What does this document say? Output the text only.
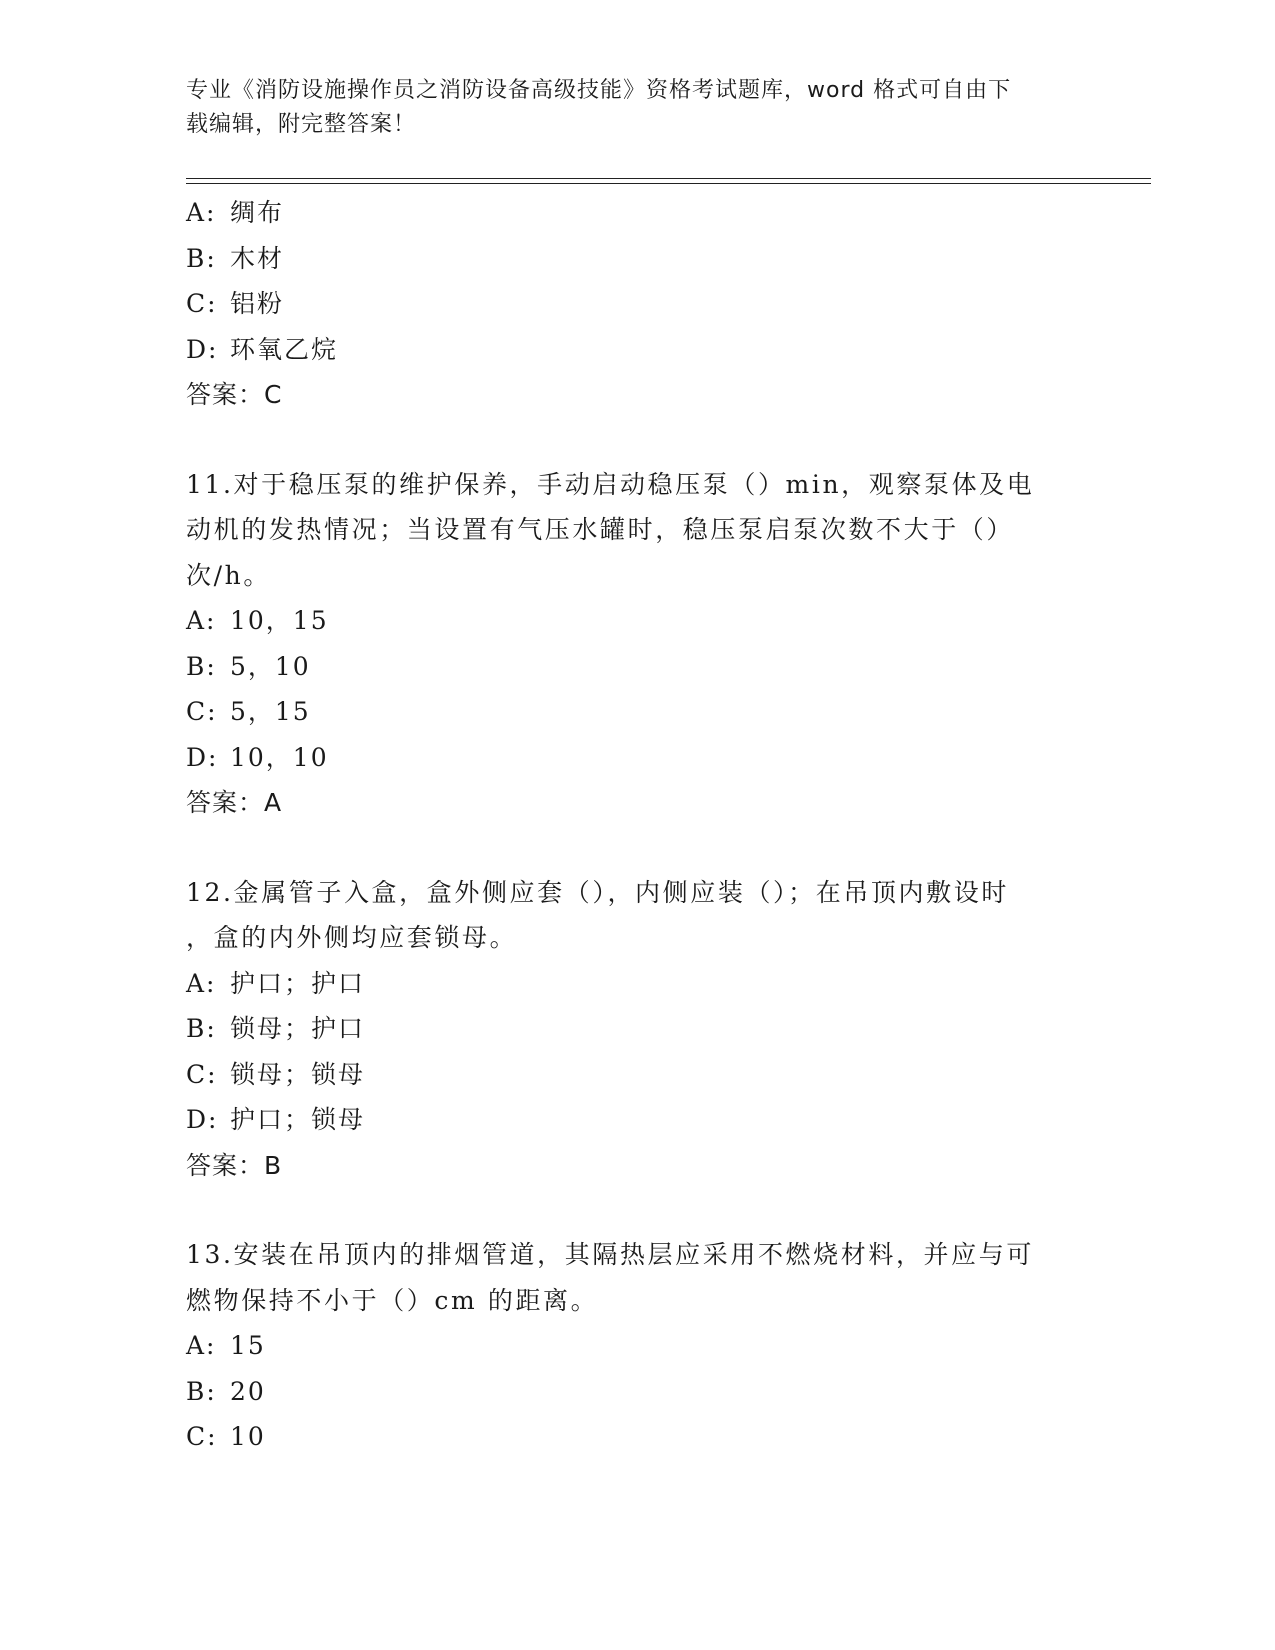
专业《消防设施操作员之消防设备高级技能》资格考试题库，word 格式可自由下
载编辑，附完整答案！
A: 绸布
B: 木材
C: 铝粉
D: 环氧乙烷
答案：C
11.对于稳压泵的维护保养，手动启动稳压泵（）min，观察泵体及电
动机的发热情况；当设置有气压水罐时，稳压泵启泵次数不大于（）
次/h。
A: 10，15
B: 5，10
C: 5，15
D: 10，10
答案：A
12.金属管子入盒，盒外侧应套（），内侧应装（）；在吊顶内敷设时
，盒的内外侧均应套锁母。
A: 护口；护口
B: 锁母；护口
C: 锁母；锁母
D: 护口；锁母
答案：B
13.安装在吊顶内的排烟管道，其隔热层应采用不燃烧材料，并应与可
燃物保持不小于（）cm 的距离。
A: 15
B: 20
C: 10
